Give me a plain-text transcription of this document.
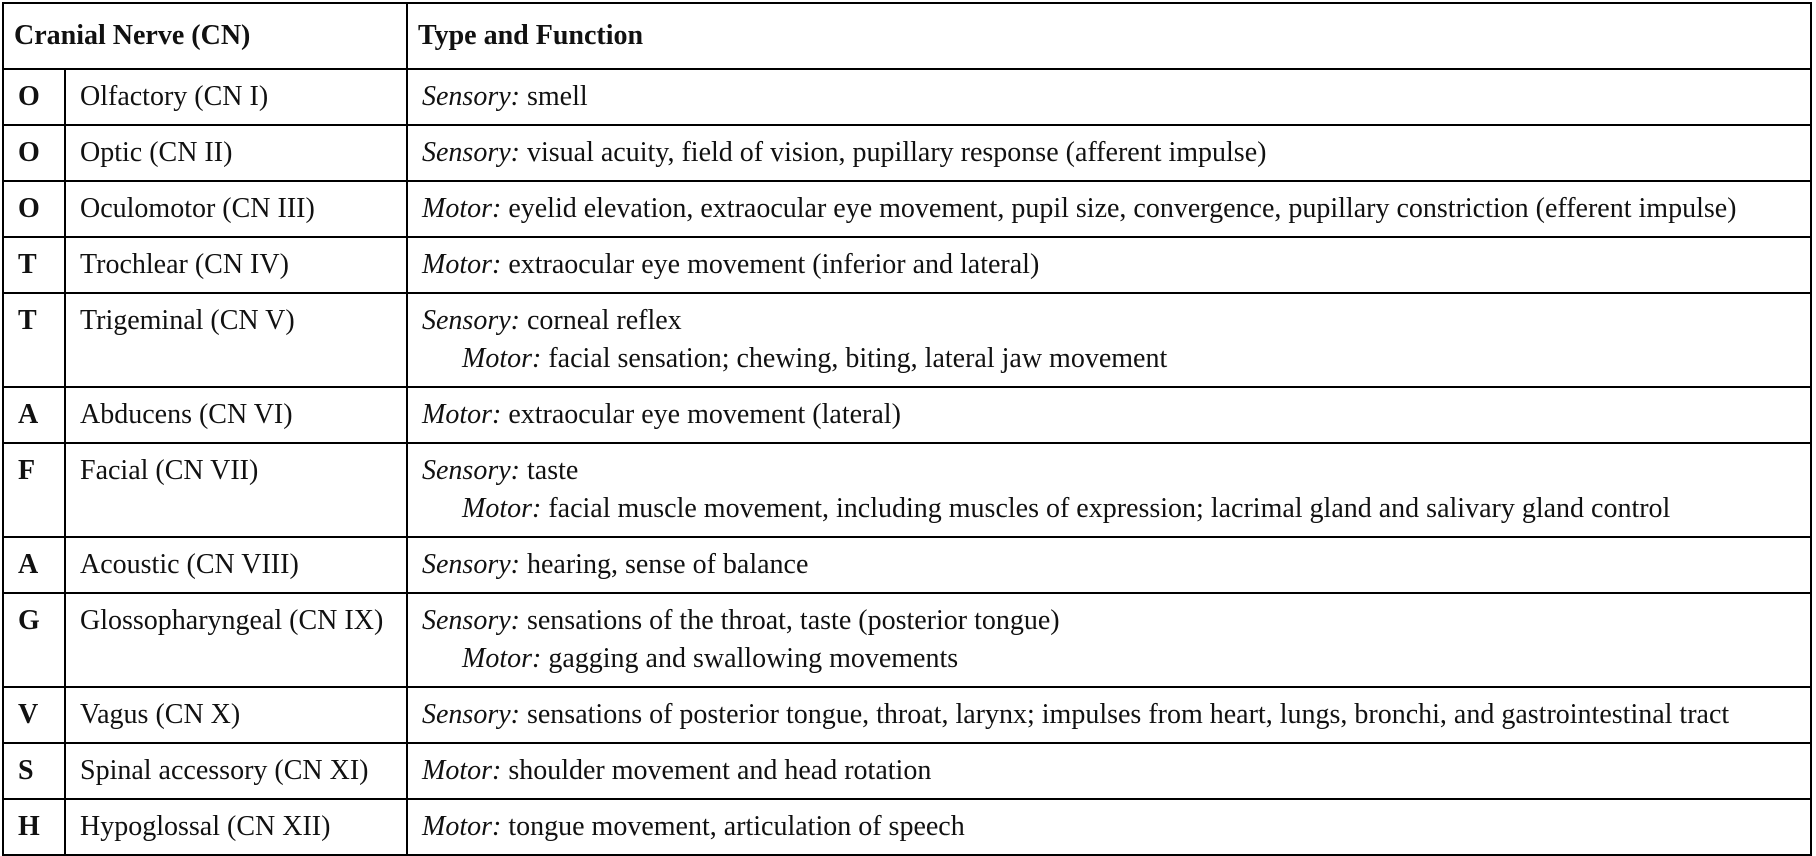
Cranial Nerve (CN)		Type and Function
O	Olfactory (CN I)	Sensory: smell

O	Optic (CN II)	Sensory: visual acuity, field of vision, pupillary response (afferent impulse)

O	Oculomotor (CN III)	Motor: eyelid elevation, extraocular eye movement, pupil size, convergence, pupillary constriction (efferent impulse)

T	Trochlear (CN IV)	Motor: extraocular eye movement (inferior and lateral)

T	Trigeminal (CN V)	Sensory: corneal reflex
Motor: facial sensation; chewing, biting, lateral jaw movement

A	Abducens (CN VI)	Motor: extraocular eye movement (lateral)

F	Facial (CN VII)	Sensory: taste
Motor: facial muscle movement, including muscles of expression; lacrimal gland and salivary gland control

A	Acoustic (CN VIII)	Sensory: hearing, sense of balance

G	Glossopharyngeal (CN IX)	Sensory: sensations of the throat, taste (posterior tongue)
Motor: gagging and swallowing movements

V	Vagus (CN X)	Sensory: sensations of posterior tongue, throat, larynx; impulses from heart, lungs, bronchi, and gastrointestinal tract

S	Spinal accessory (CN XI)	Motor: shoulder movement and head rotation

H	Hypoglossal (CN XII)	Motor: tongue movement, articulation of speech
